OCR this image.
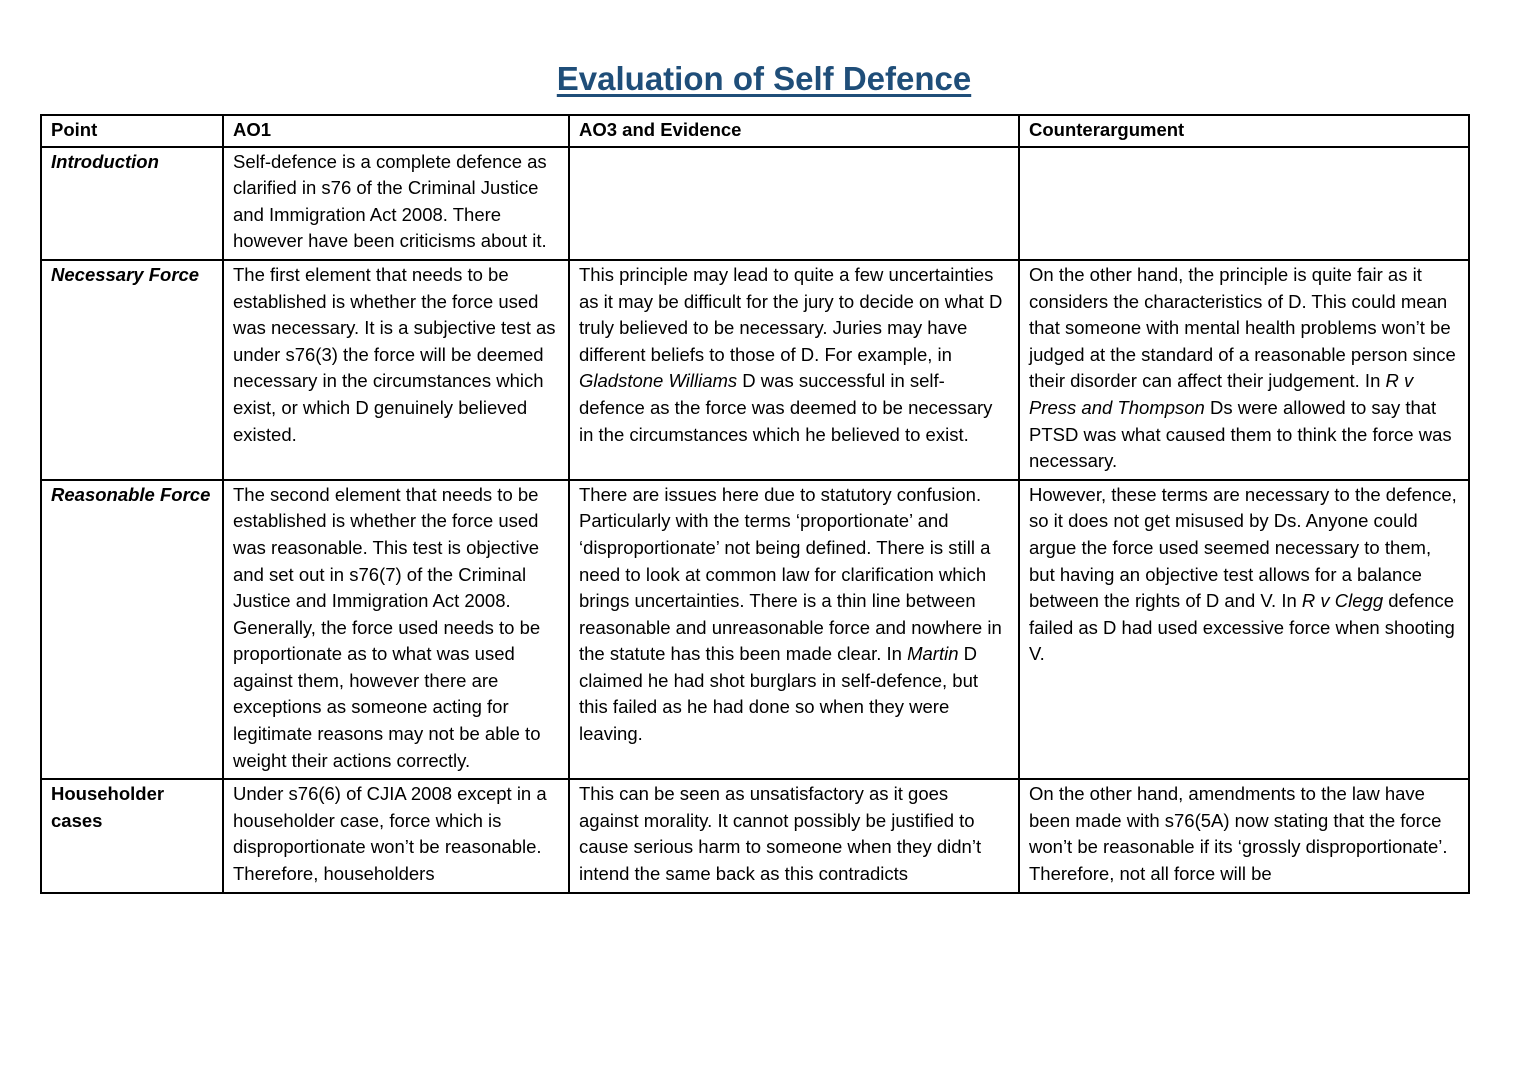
Evaluation of Self Defence
Point	AO1	AO3 and Evidence	Counterargument
Introduction	Self-defence is a complete defence as clarified in s76 of the Criminal Justice and Immigration Act 2008. There however have been criticisms about it.		
Necessary Force	The first element that needs to be established is whether the force used was necessary. It is a subjective test as under s76(3) the force will be deemed necessary in the circumstances which exist, or which D genuinely believed existed.	This principle may lead to quite a few uncertainties as it may be difficult for the jury to decide on what D truly believed to be necessary. Juries may have different beliefs to those of D. For example, in Gladstone Williams D was successful in self-defence as the force was deemed to be necessary in the circumstances which he believed to exist.	On the other hand, the principle is quite fair as it considers the characteristics of D. This could mean that someone with mental health problems won’t be judged at the standard of a reasonable person since their disorder can affect their judgement. In R v Press and Thompson Ds were allowed to say that PTSD was what caused them to think the force was necessary.
Reasonable Force	The second element that needs to be established is whether the force used was reasonable. This test is objective and set out in s76(7) of the Criminal Justice and Immigration Act 2008. Generally, the force used needs to be proportionate as to what was used against them, however there are exceptions as someone acting for legitimate reasons may not be able to weight their actions correctly.	There are issues here due to statutory confusion. Particularly with the terms ‘proportionate’ and ‘disproportionate’ not being defined. There is still a need to look at common law for clarification which brings uncertainties. There is a thin line between reasonable and unreasonable force and nowhere in the statute has this been made clear. In Martin D claimed he had shot burglars in self-defence, but this failed as he had done so when they were leaving.	However, these terms are necessary to the defence, so it does not get misused by Ds. Anyone could argue the force used seemed necessary to them, but having an objective test allows for a balance between the rights of D and V. In R v Clegg defence failed as D had used excessive force when shooting V.
Householder cases	Under s76(6) of CJIA 2008 except in a householder case, force which is disproportionate won’t be reasonable. Therefore, householders	This can be seen as unsatisfactory as it goes against morality. It cannot possibly be justified to cause serious harm to someone when they didn’t intend the same back as this contradicts	On the other hand, amendments to the law have been made with s76(5A) now stating that the force won’t be reasonable if its ‘grossly disproportionate’. Therefore, not all force will be
